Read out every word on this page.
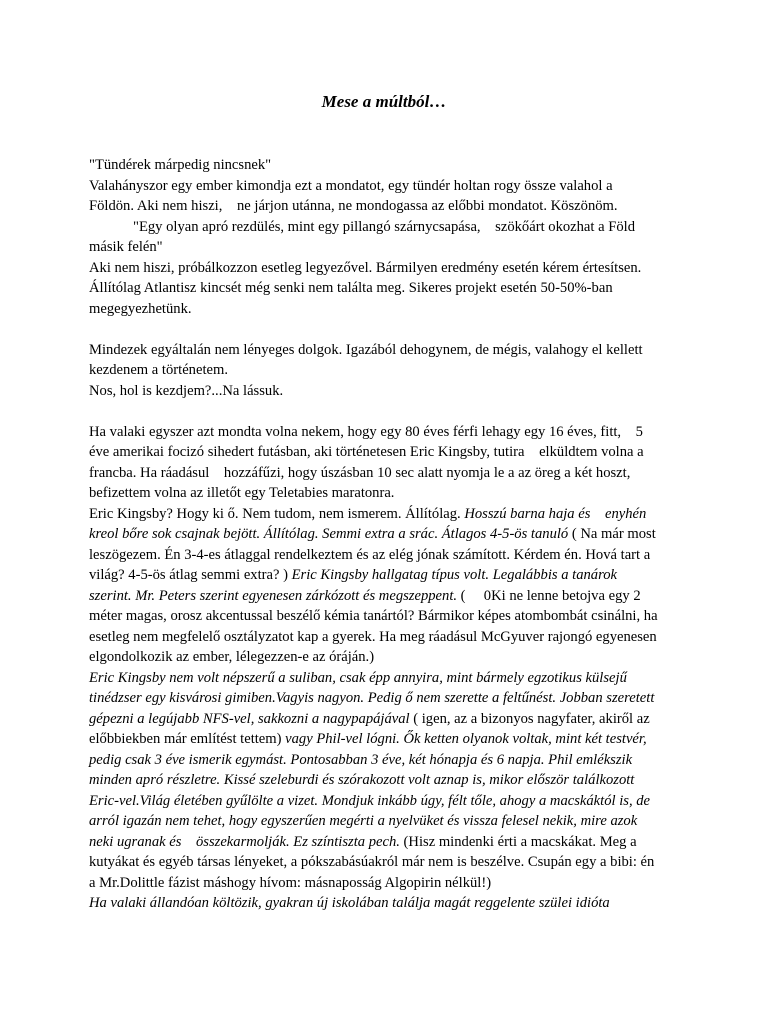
Mese a múltból…
"Tündérek márpedig nincsnek"
Valahányszor egy ember kimondja ezt a mondatot, egy tündér holtan rogy össze valahol a
Földön. Aki nem hiszi,    ne járjon utánna, ne mondogassa az előbbi mondatot. Köszönöm.
"Egy olyan apró rezdülés, mint egy pillangó szárnycsapása,    szökőárt okozhat a Föld
másik felén"
Aki nem hiszi, próbálkozzon esetleg legyezővel. Bármilyen eredmény esetén kérem értesítsen.
Állítólag Atlantisz kincsét még senki nem találta meg. Sikeres projekt esetén 50-50%-ban
megegyezhetünk.
Mindezek egyáltalán nem lényeges dolgok. Igazából dehogynem, de mégis, valahogy el kellett
kezdenem a történetem.
Nos, hol is kezdjem?...Na lássuk.
Ha valaki egyszer azt mondta volna nekem, hogy egy 80 éves férfi lehagy egy 16 éves, fitt,    5
éve amerikai focizó sihedert futásban, aki történetesen Eric Kingsby, tutira    elküldtem volna a
francba. Ha ráadásul    hozzáfűzi, hogy úszásban 10 sec alatt nyomja le a az öreg a két hoszt,
befizettem volna az illetőt egy Teletabies maratonra.
Eric Kingsby? Hogy ki ő. Nem tudom, nem ismerem. Állítólag. Hosszú barna haja és    enyhén
kreol bőre sok csajnak bejött. Állítólag. Semmi extra a srác. Átlagos 4-5-ös tanuló ( Na már most
leszögezem. Én 3-4-es átlaggal rendelkeztem és az elég jónak számított. Kérdem én. Hová tart a
világ? 4-5-ös átlag semmi extra? ) Eric Kingsby hallgatag típus volt. Legalábbis a tanárok
szerint. Mr. Peters szerint egyenesen zárkózott és megszeppent. (     0Ki ne lenne betojva egy 2
méter magas, orosz akcentussal beszélő kémia tanártól? Bármikor képes atombombát csinálni, ha
esetleg nem megfelelő osztályzatot kap a gyerek. Ha meg ráadásul McGyuver rajongó egyenesen
elgondolkozik az ember, lélegezzen-e az óráján.)
Eric Kingsby nem volt népszerű a suliban, csak épp annyira, mint bármely egzotikus külsejű
tinédzser egy kisvárosi gimiben.Vagyis nagyon. Pedig ő nem szerette a feltűnést. Jobban szeretett
gépezni a legújabb NFS-vel, sakkozni a nagypapájával ( igen, az a bizonyos nagyfater, akiről az
előbbiekben már említést tettem) vagy Phil-vel lógni. Ők ketten olyanok voltak, mint két testvér,
pedig csak 3 éve ismerik egymást. Pontosabban 3 éve, két hónapja és 6 napja. Phil emlékszik
minden apró részletre. Kissé szeleburdi és szórakozott volt aznap is, mikor először találkozott
Eric-vel.Világ életében gyűlölte a vizet. Mondjuk inkább úgy, félt tőle, ahogy a macskáktól is, de
arról igazán nem tehet, hogy egyszerűen megérti a nyelvüket és vissza felesel nekik, mire azok
neki ugranak és    összekarmolják. Ez színtiszta pech. (Hisz mindenki érti a macskákat. Meg a
kutyákat és egyéb társas lényeket, a pókszabásúakról már nem is beszélve. Csupán egy a bibi: én
a Mr.Dolittle fázist máshogy hívom: másnaposság Algopirin nélkül!)
Ha valaki állandóan költözik, gyakran új iskolában találja magát reggelente szülei idióta
